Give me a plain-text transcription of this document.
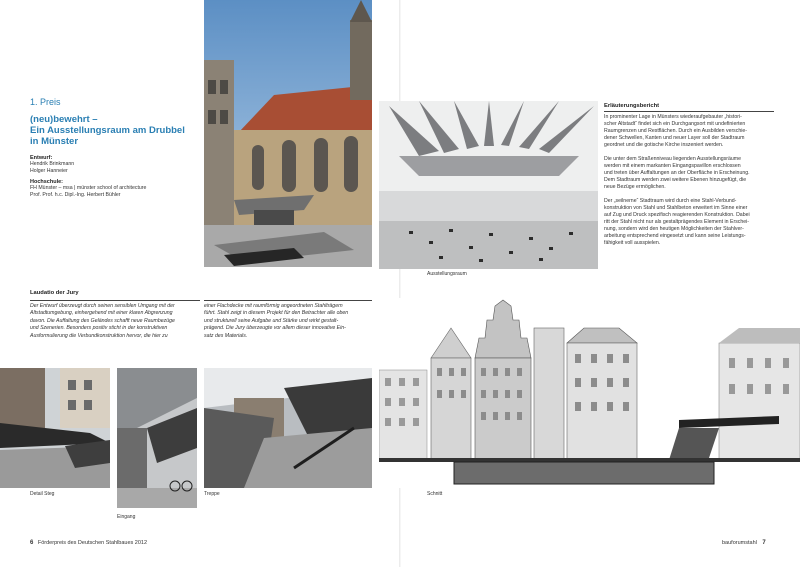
1. Preis
(neu)bewehrt –
Ein Ausstellungsraum am Drubbel
in Münster
Entwurf:
Hendrik Brinkmann
Holger Hanneier
Hochschule:
FH Münster – msa | münster school of architecture
Prof. Prof. h.c. Dipl.-Ing. Herbert Bühler
Laudatio der Jury
Der Entwurf überzeugt durch seinen sensiblen Umgang mit der
Altstadtumgebung, einhergehend mit einer klaren Abgrenzung
davon. Die Auffaltung des Geländes schafft neue Raumbezüge
und Szenerien. Besonders positiv sticht in der konstruktiven
Ausformulierung die Verbundkonstruktion hervor, die hier zu
einer Flachdecke mit raumförmig angeordneten Stahlträgern
führt. Stahl zeigt in diesem Projekt für den Betrachter alle oben
und strukturell seine Aufgabe und Stärke und wirkt gestalt-
prägend. Die Jury überzeugte vor allem dieser innovative Ein-
satz des Materials.
Detail Steg
Eingang
Treppe
6 Förderpreis des Deutschen Stahlbaues 2012
Ausstellungsraum
Erläuterungsbericht
In prominenter Lage in Münsters wiederaufgebauter „histori-
scher Altstadt“ findet sich ein Durchgangsort mit undefinierten
Raumgrenzen und Restflächen. Durch ein Ausbilden verschie-
dener Schwellen, Kanten und neuer Layer soll der Stadtraum
geordnet und die gotische Kirche inszeniert werden.
Die unter dem Straßenniveau liegenden Ausstellungsräume
werden mit einem markanten Eingangspavillon erschlossen
und treten über Auffaltungen an der Oberfläche in Erscheinung.
Dem Stadtraum werden zwei weitere Ebenen hinzugefügt, die
neue Bezüge ermöglichen.
Der „seilnerne“ Stadtraum wird durch eine Stahl-Verbund-
konstruktion von Stahl und Stahlbeton erweitert im Sinne einer
auf Zug und Druck spezifisch reagierenden Konstruktion. Dabei
ritt der Stahl nicht nur als gestaltprägendes Element in Erschei-
nung, sondern wird den heutigen Möglichkeiten der Stahlver-
arbeitung entsprechend eingesetzt und kann seine Leistungs-
fähigkeit voll ausspielen.
Schnitt
bauforumstahl 7
